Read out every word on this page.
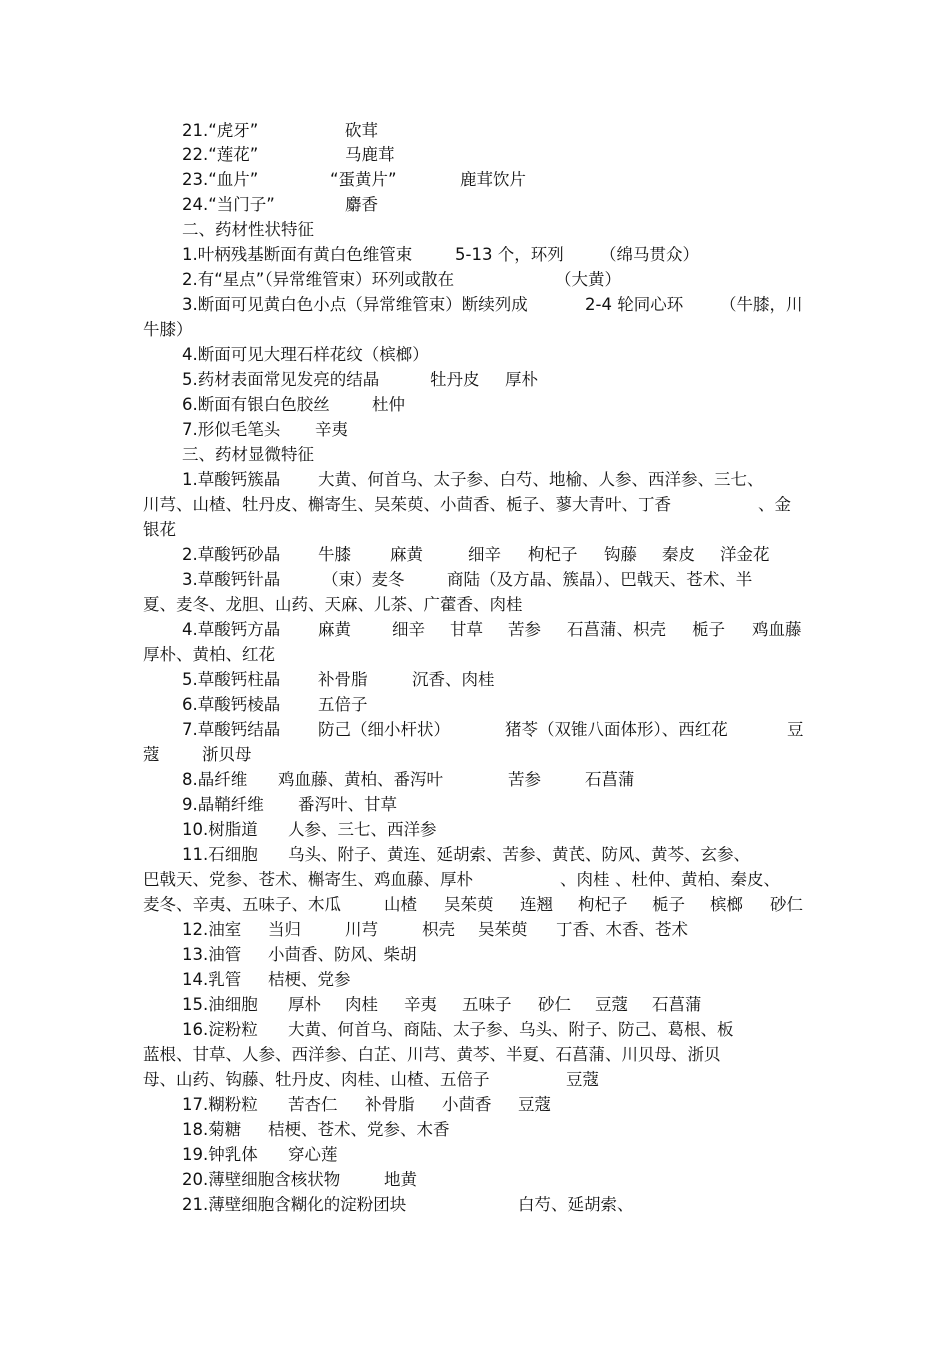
21.“虎牙”	砍茸
22.“莲花”	马鹿茸
23.“血片”	“蛋黄片”	鹿茸饮片
24.“当门子”	麝香
二、药材性状特征
1.叶柄残基断面有黄白色维管束	5-13 个，环列 （绵马贯众）
2.有“星点”（异常维管束）环列或散在	（大黄）
3.断面可见黄白色小点（异常维管束）断续列成	2-4 轮同心环 （牛膝，川
牛膝）
4.断面可见大理石样花纹（槟榔）
5.药材表面常见发亮的结晶	牡丹皮 厚朴
6.断面有银白色胶丝	杜仲
7.形似毛笔头 辛夷
三、药材显微特征
1.草酸钙簇晶 大黄、何首乌、太子参、白芍、地榆、人参、西洋参、三七、
川芎、山楂、牡丹皮、槲寄生、吴茱萸、小茴香、栀子、蓼大青叶、丁香	、金
银花
2.草酸钙砂晶 牛膝 麻黄	细辛 枸杞子 钩藤 秦皮 洋金花
3.草酸钙针晶	（束）麦冬	商陆（及方晶、簇晶）、巴戟天、苍术、半
夏、麦冬、龙胆、山药、天麻、儿茶、广藿香、肉桂
4.草酸钙方晶 麻黄 细辛 甘草 苦参 石菖蒲、枳壳 栀子 鸡血藤
厚朴、黄柏、红花
5.草酸钙柱晶 补骨脂	沉香、肉桂
6.草酸钙棱晶 五倍子
7.草酸钙结晶 防己（细小杆状）	猪苓（双锥八面体形）、西红花	豆
蔻	浙贝母
8.晶纤维 鸡血藤、黄柏、番泻叶	苦参	石菖蒲
9.晶鞘纤维 番泻叶、甘草
10.树脂道 人参、三七、西洋参
11.石细胞 乌头、附子、黄连、延胡索、苦参、黄芪、防风、黄芩、玄参、
巴戟天、党参、苍术、槲寄生、鸡血藤、厚朴	、肉桂 、杜仲、黄柏、秦皮、
麦冬、辛夷、五味子、木瓜	山楂 吴茱萸 连翘 枸杞子 栀子 槟榔 砂仁
12.油室 当归	川芎	枳壳 吴茱萸 丁香、木香、苍术
13.油管 小茴香、防风、柴胡
14.乳管 桔梗、党参
15.油细胞 厚朴 肉桂 辛夷 五味子 砂仁 豆蔻 石菖蒲
16.淀粉粒 大黄、何首乌、商陆、太子参、乌头、附子、防己、葛根、板
蓝根、甘草、人参、西洋参、白芷、川芎、黄芩、半夏、石菖蒲、川贝母、浙贝
母、山药、钩藤、牡丹皮、肉桂、山楂、五倍子	豆蔻
17.糊粉粒 苦杏仁 补骨脂 小茴香 豆蔻
18.菊糖 桔梗、苍术、党参、木香
19.钟乳体 穿心莲
20.薄壁细胞含核状物	地黄
21.薄壁细胞含糊化的淀粉团块	白芍、延胡索、
